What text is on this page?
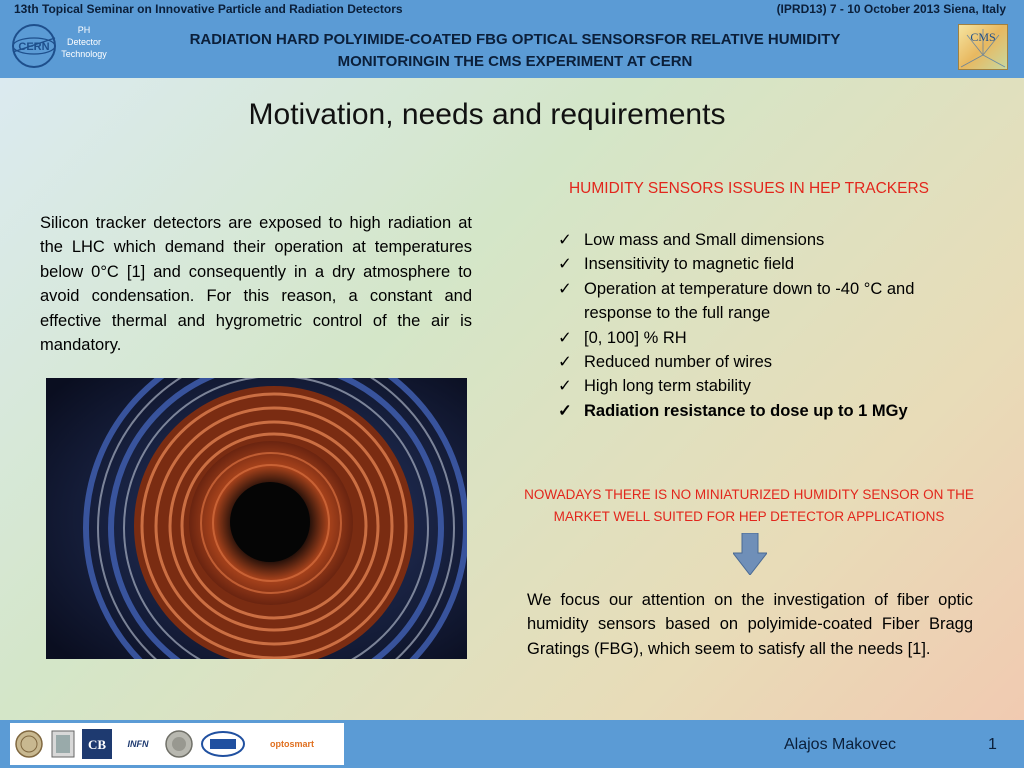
13th Topical Seminar on Innovative Particle and Radiation Detectors	(IPRD13) 7 - 10 October 2013 Siena, Italy
CERN
PH
Detector
Technology
RADIATION HARD POLYIMIDE-COATED FBG OPTICAL SENSORSFOR RELATIVE HUMIDITY
MONITORINGIN THE CMS EXPERIMENT AT CERN
CMS
Motivation, needs and requirements
Silicon tracker detectors are exposed to high radiation at the LHC which demand their operation at temperatures below 0°C [1] and consequently in a dry atmosphere to avoid condensation. For this reason, a constant and effective thermal and hygrometric control of the air is mandatory.
HUMIDITY SENSORS ISSUES IN HEP TRACKERS
✓ Low mass and Small dimensions
✓ Insensitivity to magnetic field
✓ Operation at temperature down to -40 °C and response to the full range
✓ [0, 100] % RH
✓ Reduced number of wires
✓ High long term stability
✓ Radiation resistance to dose up to 1 MGy
NOWADAYS THERE IS NO MINIATURIZED HUMIDITY SENSOR ON THE MARKET WELL SUITED FOR HEP DETECTOR APPLICATIONS
We focus our attention on the investigation of fiber optic humidity sensors based on polyimide-coated Fiber Bragg Gratings (FBG), which seem to satisfy all the needs [1].
CB INFN	optosmart	Alajos Makovec	1
